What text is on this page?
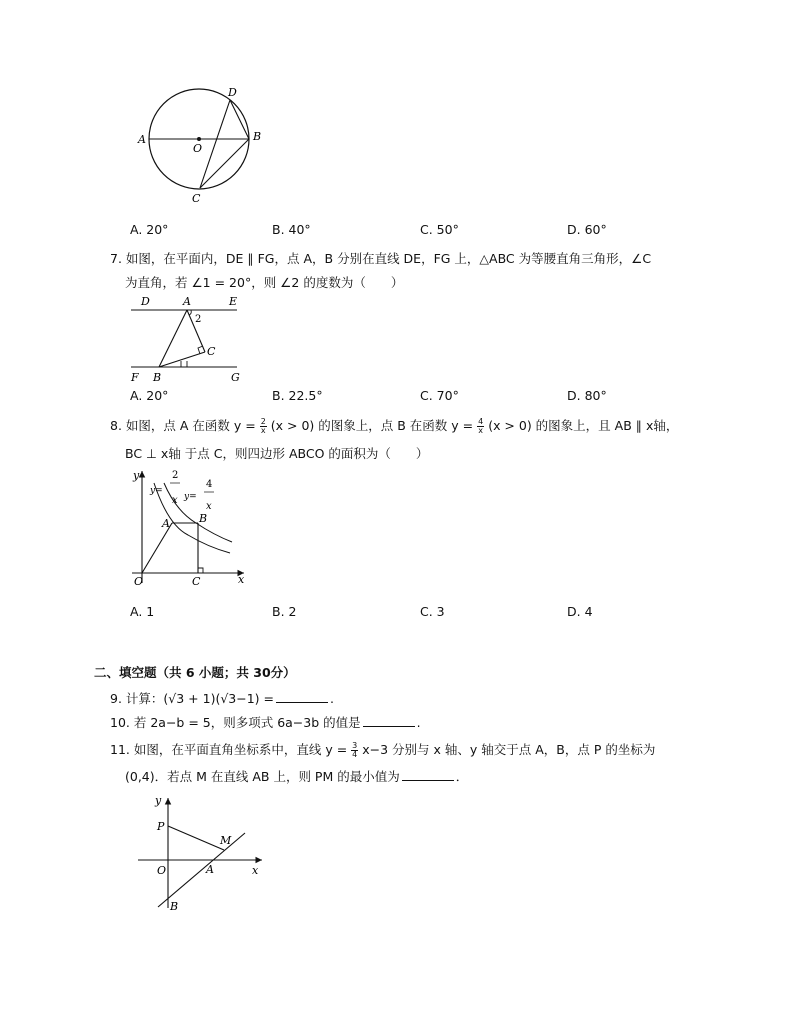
A	B
D
C
O
A. 20°	B. 40°	C. 50°	D. 60°
7. 如图，在平面内，DE ∥ FG，点 A，B 分别在直线 DE，FG 上，△ABC 为等腰直角三角形，∠C
为直角，若 ∠1 = 20°，则 ∠2 的度数为（　　）
D	A	E
F B	G
C
2
A. 20°	B. 22.5°	C. 70°	D. 80°
8. 如图，点 A 在函数 $y = \frac{2}{x} (x > 0)$ 的图象上，点 B 在函数 $y = \frac{4}{x} (x > 0)$ 的图象上，且 AB ∥ x轴，
BC ⊥ x轴 于点 C，则四边形 ABCO 的面积为（　　）
y
x
O
A	B
C
y=
2
x y=
4
x
A. 1	B. 2	C. 3	D. 4
二、填空题（共 6 小题；共 30分）
9. 计算：(√3 + 1)(√3−1) =	.
10. 若 2a−b = 5，则多项式 6a−3b 的值是	.
11. 如图，在平面直角坐标系中，直线 $y = \frac{3}{4} x-3$ 分别与 x 轴、y 轴交于点 A，B，点 P 的坐标为
(0,4)．若点 M 在直线 AB 上，则 PM 的最小值为	．
y
x
O
P
M
A
B
